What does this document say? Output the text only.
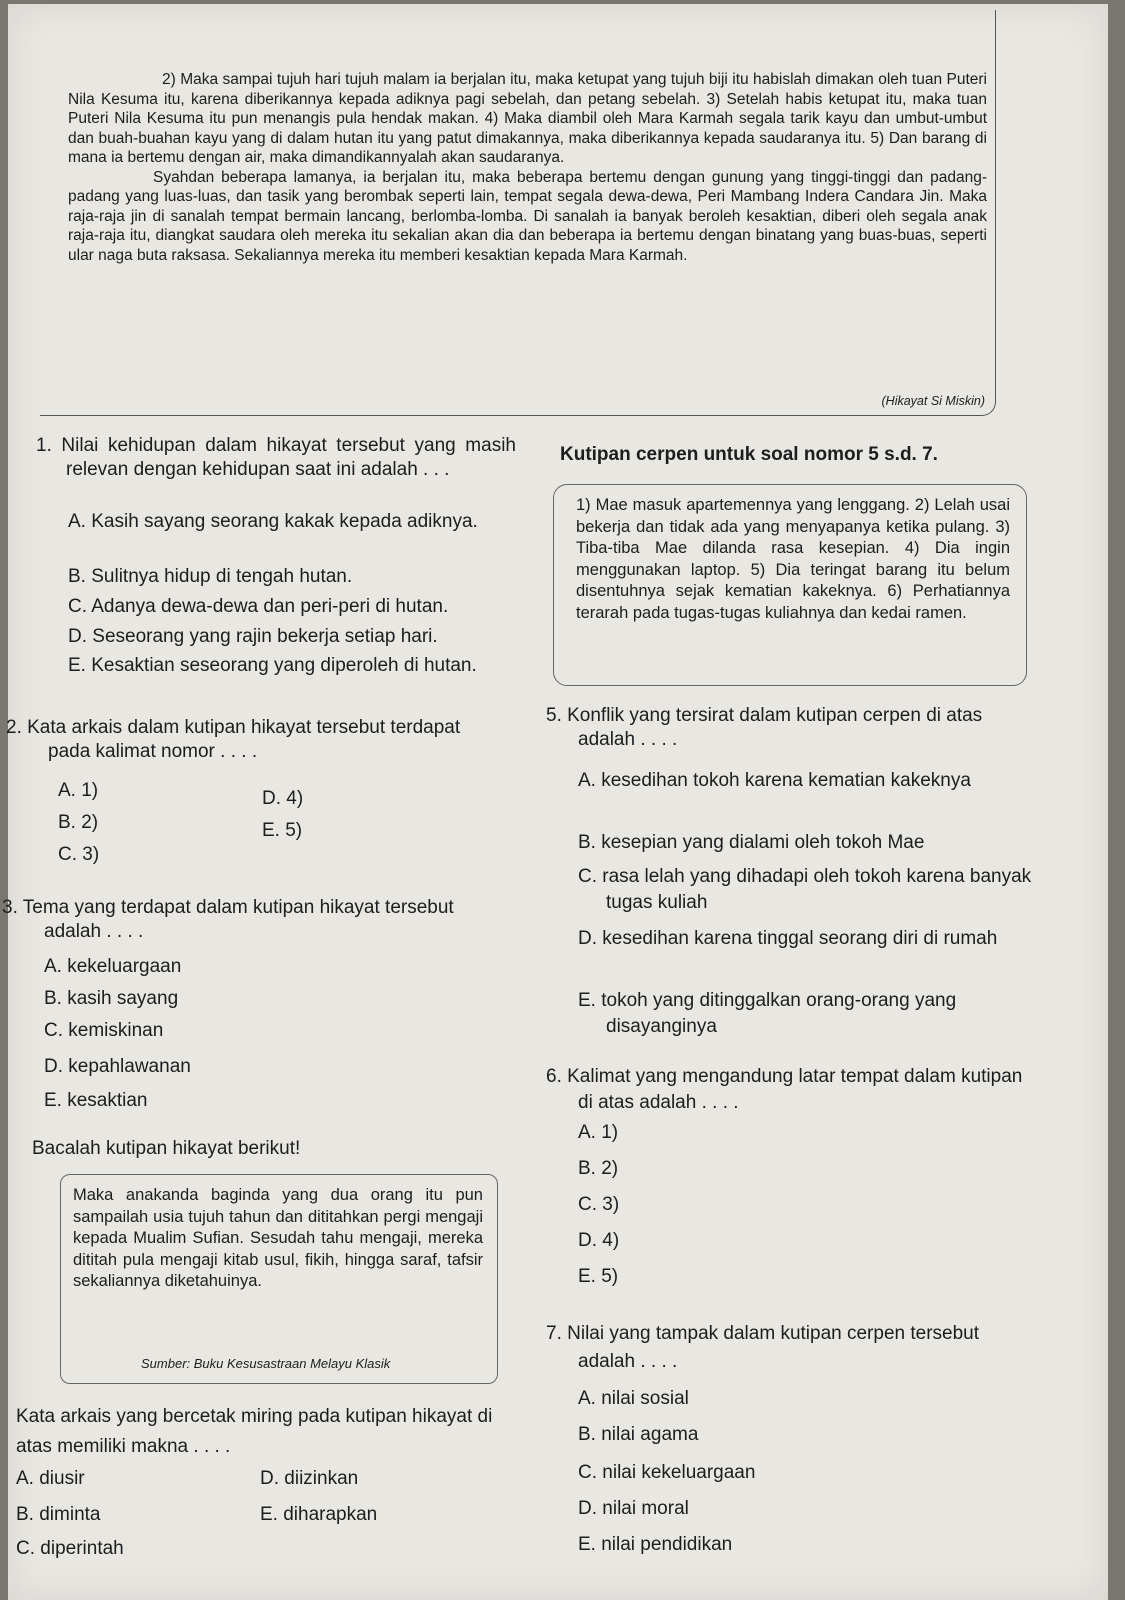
2) Maka sampai tujuh hari tujuh malam ia berjalan itu, maka ketupat yang tujuh biji itu habislah dimakan oleh tuan Puteri Nila Kesuma itu, karena diberikannya kepada adiknya pagi sebelah, dan petang sebelah. 3) Setelah habis ketupat itu, maka tuan Puteri Nila Kesuma itu pun menangis pula hendak makan. 4) Maka diambil oleh Mara Karmah segala tarik kayu dan umbut-umbut dan buah-buahan kayu yang di dalam hutan itu yang patut dimakannya, maka diberikannya kepada saudaranya itu. 5) Dan barang di mana ia bertemu dengan air, maka dimandikannyalah akan saudaranya.

Syahdan beberapa lamanya, ia berjalan itu, maka beberapa bertemu dengan gunung yang tinggi-tinggi dan padang-padang yang luas-luas, dan tasik yang berombak seperti lain, tempat segala dewa-dewa, Peri Mambang Indera Candara Jin. Maka raja-raja jin di sanalah tempat bermain lancang, berlomba-lomba. Di sanalah ia banyak beroleh kesaktian, diberi oleh segala anak raja-raja itu, diangkat saudara oleh mereka itu sekalian akan dia dan beberapa ia bertemu dengan binatang yang buas-buas, seperti ular naga buta raksasa. Sekaliannya mereka itu memberi kesaktian kepada Mara Karmah.

(Hikayat Si Miskin)

1. Nilai kehidupan dalam hikayat tersebut yang masih relevan dengan kehidupan saat ini adalah . . .

A. Kasih sayang seorang kakak kepada adiknya.
B. Sulitnya hidup di tengah hutan.
C. Adanya dewa-dewa dan peri-peri di hutan.
D. Seseorang yang rajin bekerja setiap hari.
E. Kesaktian seseorang yang diperoleh di hutan.

2. Kata arkais dalam kutipan hikayat tersebut terdapat pada kalimat nomor . . . .

A. 1)
B. 2)
C. 3)
D. 4)
E. 5)

3. Tema yang terdapat dalam kutipan hikayat tersebut adalah . . . .

A. kekeluargaan
B. kasih sayang
C. kemiskinan
D. kepahlawanan
E. kesaktian
Bacalah kutipan hikayat berikut!

Maka anakanda baginda yang dua orang itu pun sampailah usia tujuh tahun dan dititahkan pergi mengaji kepada Mualim Sufian. Sesudah tahu mengaji, mereka dititah pula mengaji kitab usul, fikih, hingga saraf, tafsir sekaliannya diketahuinya.

Sumber: Buku Kesusastraan Melayu Klasik
Kata arkais yang bercetak miring pada kutipan hikayat di atas memiliki makna . . . .
A. diusir
B. diminta
C. diperintah
D. diizinkan
E. diharapkan
Kutipan cerpen untuk soal nomor 5 s.d. 7.

1) Mae masuk apartemennya yang lenggang. 2) Lelah usai bekerja dan tidak ada yang menyapanya ketika pulang. 3) Tiba-tiba Mae dilanda rasa kesepian. 4) Dia ingin menggunakan laptop. 5) Dia teringat barang itu belum disentuhnya sejak kematian kakeknya. 6) Perhatiannya terarah pada tugas-tugas kuliahnya dan kedai ramen.

5. Konflik yang tersirat dalam kutipan cerpen di atas adalah . . . .

A. kesedihan tokoh karena kematian kakeknya
B. kesepian yang dialami oleh tokoh Mae
C. rasa lelah yang dihadapi oleh tokoh karena banyak tugas kuliah
D. kesedihan karena tinggal seorang diri di rumah
E. tokoh yang ditinggalkan orang-orang yang disayanginya

6. Kalimat yang mengandung latar tempat dalam kutipan di atas adalah . . . .

A. 1)
B. 2)
C. 3)
D. 4)
E. 5)

7. Nilai yang tampak dalam kutipan cerpen tersebut adalah . . . .

A. nilai sosial
B. nilai agama
C. nilai kekeluargaan
D. nilai moral
E. nilai pendidikan
